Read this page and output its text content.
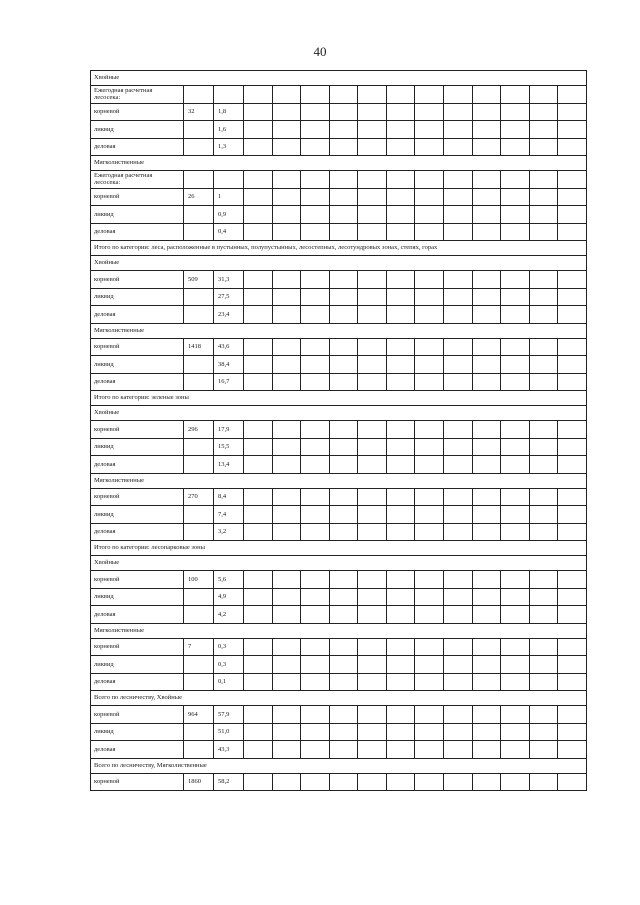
40
Хвойные														
Ежегодная расчетная лесосека:														
корневой	32	1,8												
ликвид		1,6												
деловая		1,3												
Мягколиственные														
Ежегодная расчетная лесосека:														
корневой	26	1												
ликвид		0,9												
деловая		0,4												
Итого по категории: леса, расположенные в пустынных, полупустынных, лесостепных, лесотундровых зонах, степях, горах														
Хвойные														
корневой	509	31,3												
ликвид		27,5												
деловая		23,4												
Мягколиственные														
корневой	1418	43,6												
ликвид		38,4												
деловая		16,7												
Итого по категории: зеленые зоны														
Хвойные														
корневой	296	17,9												
ликвид		15,5												
деловая		13,4												
Мягколиственные														
корневой	270	8,4												
ликвид		7,4												
деловая		3,2												
Итого по категории: лесопарковые зоны														
Хвойные														
корневой	100	5,6												
ликвид		4,9												
деловая		4,2												
Мягколиственные														
корневой	7	0,3												
ликвид		0,3												
деловая		0,1												
Всего по лесничеству, Хвойные														
корневой	964	57,9												
ликвид		51,0												
деловая		43,3												
Всего по лесничеству, Мягколиственные														
корневой	1860	58,2												
